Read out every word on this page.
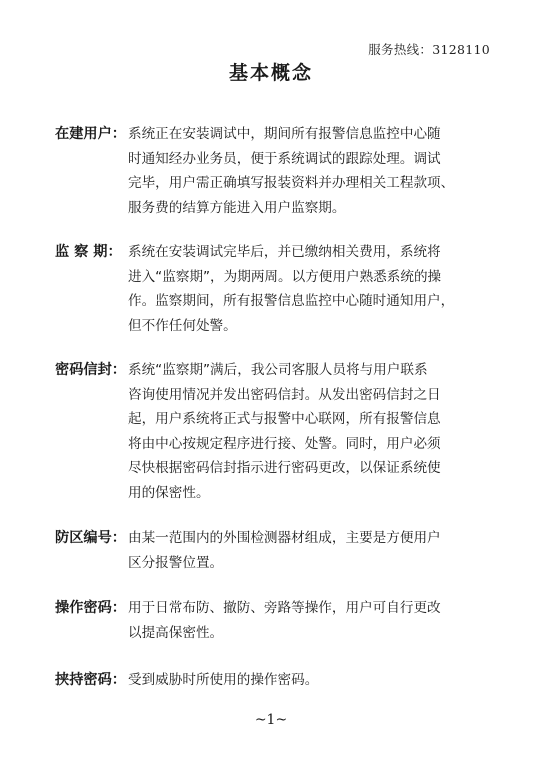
服务热线：3128110
基本概念
在建用户： 系统正在安装调试中，期间所有报警信息监控中心随
时通知经办业务员，便于系统调试的跟踪处理。调试
完毕，用户需正确填写报装资料并办理相关工程款项、
服务费的结算方能进入用户监察期。
监 察 期： 系统在安装调试完毕后，并已缴纳相关费用，系统将
进入“监察期”，为期两周。以方便用户熟悉系统的操
作。监察期间，所有报警信息监控中心随时通知用户，
但不作任何处警。
密码信封： 系统“监察期”满后，我公司客服人员将与用户联系
咨询使用情况并发出密码信封。从发出密码信封之日
起，用户系统将正式与报警中心联网，所有报警信息
将由中心按规定程序进行接、处警。同时，用户必须
尽快根据密码信封指示进行密码更改，以保证系统使
用的保密性。
防区编号： 由某一范围内的外围检测器材组成，主要是方便用户
区分报警位置。
操作密码： 用于日常布防、撤防、旁路等操作，用户可自行更改
以提高保密性。
挟持密码： 受到威胁时所使用的操作密码。
~1~
